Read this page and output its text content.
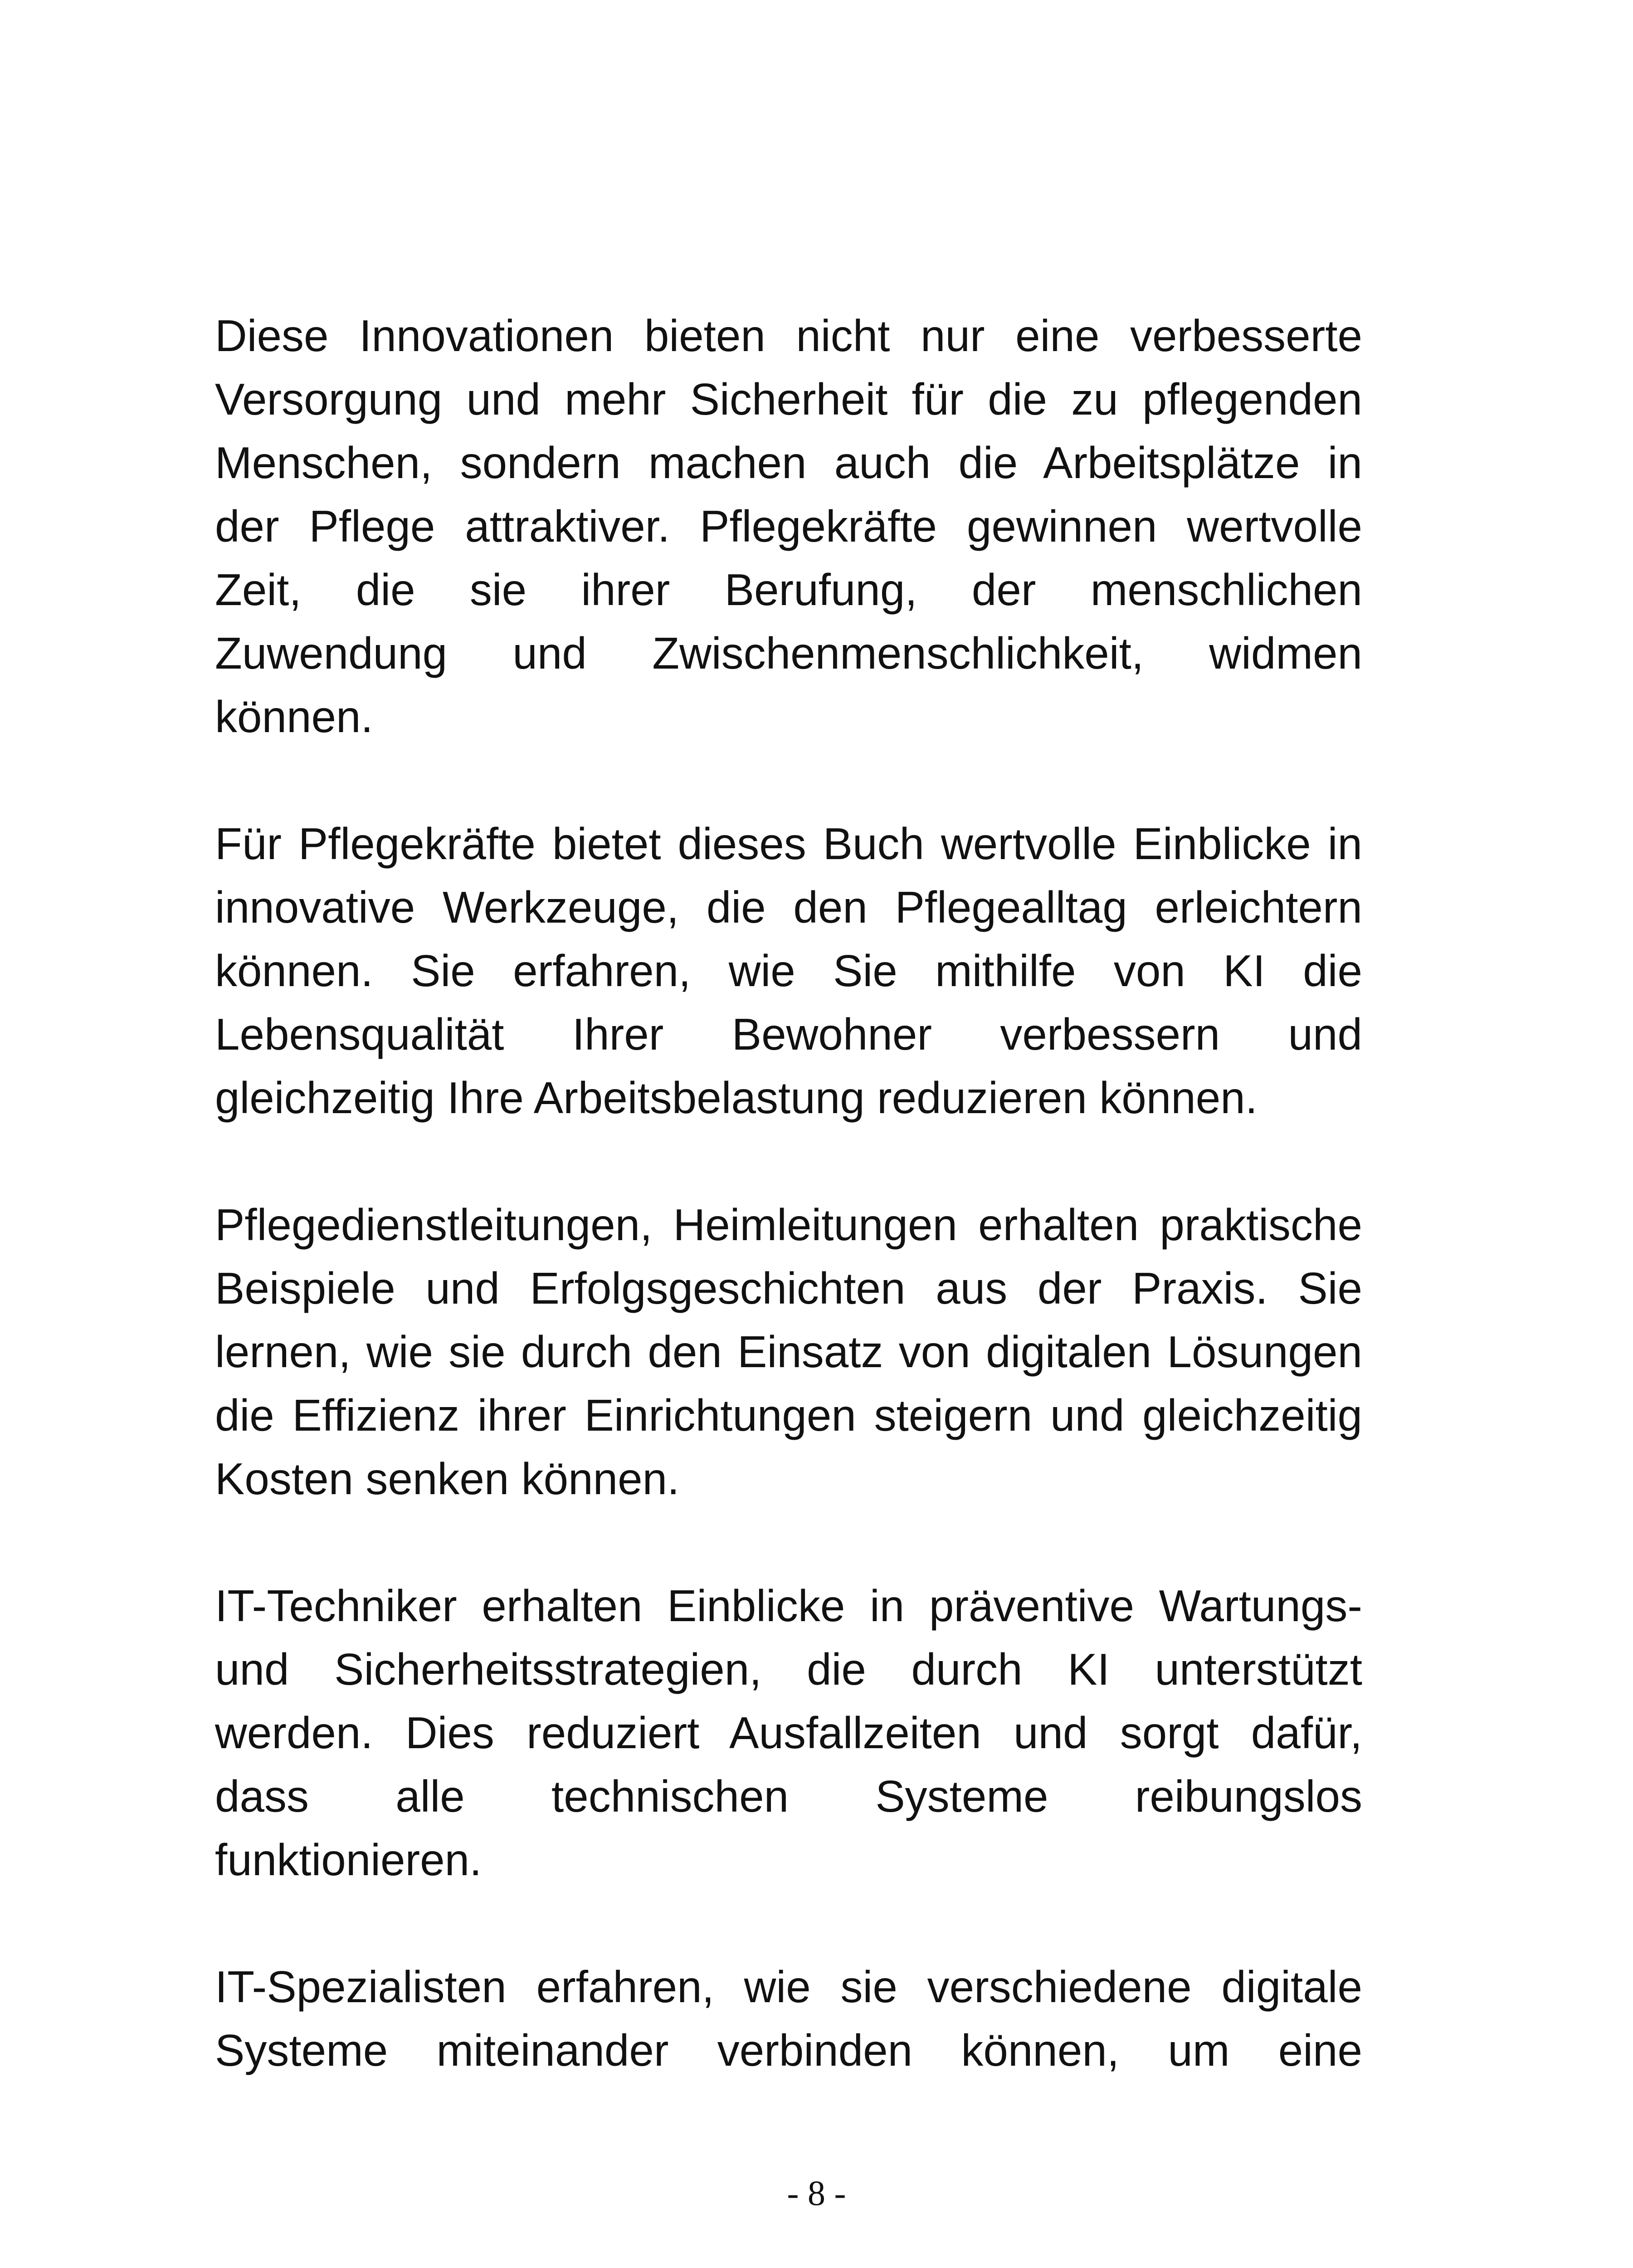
Diese Innovationen bieten nicht nur eine verbesserte
Versorgung und mehr Sicherheit für die zu pflegenden
Menschen, sondern machen auch die Arbeitsplätze in
der Pflege attraktiver. Pflegekräfte gewinnen wertvolle
Zeit, die sie ihrer Berufung, der menschlichen
Zuwendung und Zwischenmenschlichkeit, widmen
können.

Für Pflegekräfte bietet dieses Buch wertvolle Einblicke in
innovative Werkzeuge, die den Pflegealltag erleichtern
können. Sie erfahren, wie Sie mithilfe von KI die
Lebensqualität Ihrer Bewohner verbessern und
gleichzeitig Ihre Arbeitsbelastung reduzieren können.

Pflegedienstleitungen, Heimleitungen erhalten praktische
Beispiele und Erfolgsgeschichten aus der Praxis. Sie
lernen, wie sie durch den Einsatz von digitalen Lösungen
die Effizienz ihrer Einrichtungen steigern und gleichzeitig
Kosten senken können.

IT-Techniker erhalten Einblicke in präventive Wartungs-
und Sicherheitsstrategien, die durch KI unterstützt
werden. Dies reduziert Ausfallzeiten und sorgt dafür,
dass alle technischen Systeme reibungslos
funktionieren.

IT-Spezialisten erfahren, wie sie verschiedene digitale
Systeme miteinander verbinden können, um eine

- 8 -
